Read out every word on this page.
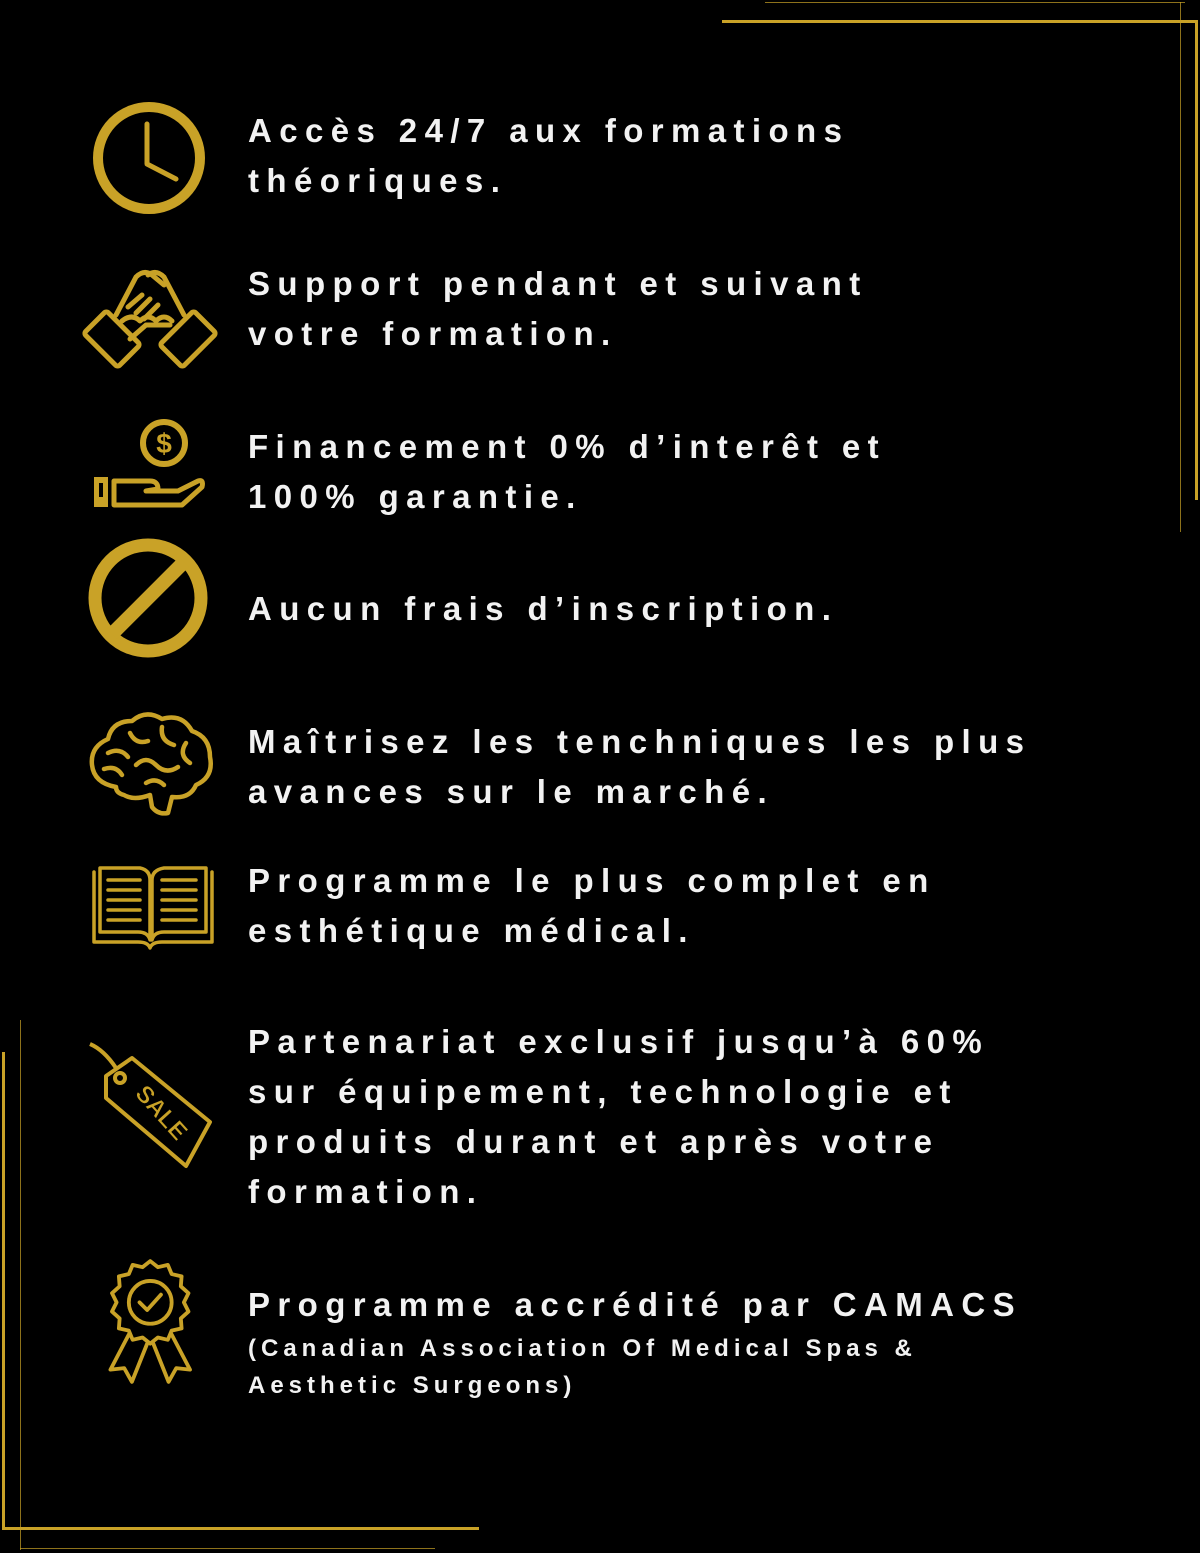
Accès 24/7 aux formations
théoriques.
Support pendant et suivant
votre formation.
$ Financement 0% d’interêt et
100% garantie.
Aucun frais d’inscription.
Maîtrisez les tenchniques les plus
avances sur le marché.
Programme le plus complet en
esthétique médical.
SALE
Partenariat exclusif jusqu’à 60%
sur équipement, technologie et
produits durant et après votre
formation.
Programme accrédité par CAMACS
(Canadian Association Of Medical Spas &
Aesthetic Surgeons)
